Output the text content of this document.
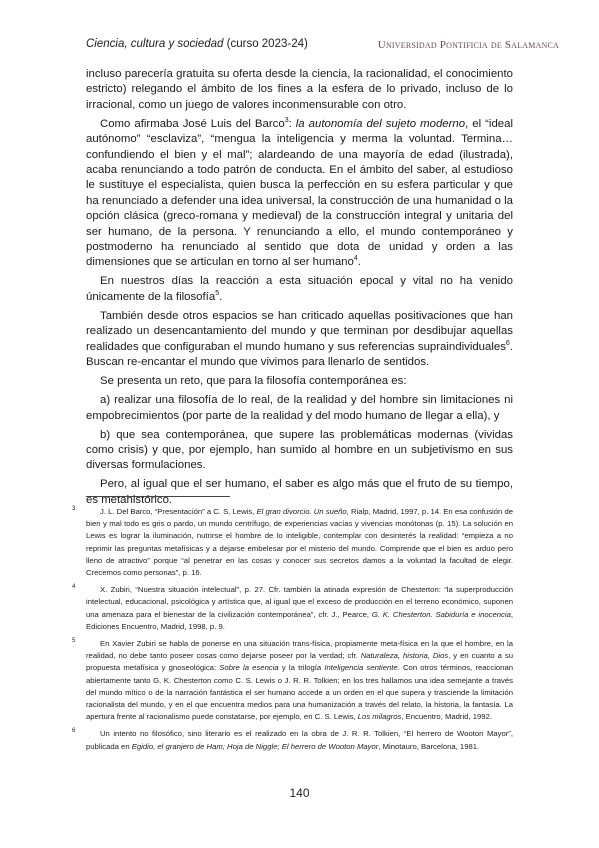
Ciencia, cultura y sociedad (curso 2023-24)	Universidad Pontificia de Salamanca

incluso parecería gratuita su oferta desde la ciencia, la racionalidad, el conocimiento estricto) relegando el ámbito de los fines a la esfera de lo privado, incluso de lo irracional, como un juego de valores inconmensurable con otro.

Como afirmaba José Luis del Barco$^3$: la autonomía del sujeto moderno, el “ideal autónomo” “esclaviza”, “mengua la inteligencia y merma la voluntad. Termina… confundiendo el bien y el mal”; alardeando de una mayoría de edad (ilustrada), acaba renunciando a todo patrón de conducta. En el ámbito del saber, al estudioso le sustituye el especialista, quien busca la perfección en su esfera particular y que ha renunciado a defender una idea universal, la construcción de una humanidad o la opción clásica (greco-romana y medieval) de la construcción integral y unitaria del ser humano, de la persona. Y renunciando a ello, el mundo contemporáneo y postmoderno ha renunciado al sentido que dota de unidad y orden a las dimensiones que se articulan en torno al ser humano$^4$.

En nuestros días la reacción a esta situación epocal y vital no ha venido únicamente de la filosofía$^5$.

También desde otros espacios se han criticado aquellas positivaciones que han realizado un desencantamiento del mundo y que terminan por desdibujar aquellas realidades que configuraban el mundo humano y sus referencias supraindividuales$^6$. Buscan re-encantar el mundo que vivimos para llenarlo de sentidos.

Se presenta un reto, que para la filosofía contemporánea es:

a) realizar una filosofía de lo real, de la realidad y del hombre sin limitaciones ni empobrecimientos (por parte de la realidad y del modo humano de llegar a ella), y

b) que sea contemporánea, que supere las problemáticas modernas (vividas como crisis) y que, por ejemplo, han sumido al hombre en un subjetivismo en sus diversas formulaciones.

Pero, al igual que el ser humano, el saber es algo más que el fruto de su tiempo, es metahistórico.

3	J. L. Del Barco, “Presentación” a C. S. Lewis, El gran divorcio. Un sueño, Rialp, Madrid, 1997, p. 14. En esa confusión de bien y mal todo es gris o pardo, un mundo centrífugo, de experiencias vacías y vivencias monótonas (p. 15). La solución en Lewis es lograr la iluminación, nutrirse el hombre de lo inteligible, contemplar con desinterés la realidad: “empieza a no reprimir las preguntas metafísicas y a dejarse embelesar por el misterio del mundo. Comprende que el bien es arduo pero lleno de atractivo” porque “al penetrar en las cosas y conocer sus secretos damos a la voluntad la facultad de elegir. Crecemos como personas”, p. 16.

4	X. Zubiri, “Nuestra situación intelectual”, p. 27. Cfr. también la atinada expresión de Chesterton: “la superproducción intelectual, educacional, psicológica y artística que, al igual que el exceso de producción en el terreno económico, suponen una amenaza para el bienestar de la civilización contemporánea”, cfr. J., Pearce, G. K. Chesterton. Sabiduría e inocencia, Ediciones Encuentro, Madrid, 1998, p. 9.

5	En Xavier Zubiri se habla de ponerse en una situación trans-física, propiamente meta-física en la que el hombre, en la realidad, no debe tanto poseer cosas como dejarse poseer por la verdad; cfr. Naturaleza, historia, Dios, y en cuanto a su propuesta metafísica y gnoseológica: Sobre la esencia y la trilogía Inteligencia sentiente. Con otros términos, reaccionan abiertamente tanto G. K. Chesterton como C. S. Lewis o J. R. R. Tolkien; en los tres hallamos una idea semejante a través del mundo mítico o de la narración fantástica el ser humano accede a un orden en el que supera y trasciende la limitación racionalista del mundo, y en el que encuentra medios para una humanización a través del relato, la historia, la fantasía. La apertura frente al racionalismo puede constatarse, por ejemplo, en C. S. Lewis, Los milagros, Encuentro, Madrid, 1992.

6	Un intento no filosófico, sino literario es el realizado en la obra de J. R. R. Tolkien, “El herrero de Wooton Mayor”, publicada en Egidio, el granjero de Ham; Hoja de Niggle; El herrero de Wooton Mayor, Minotauro, Barcelona, 1981.

140
